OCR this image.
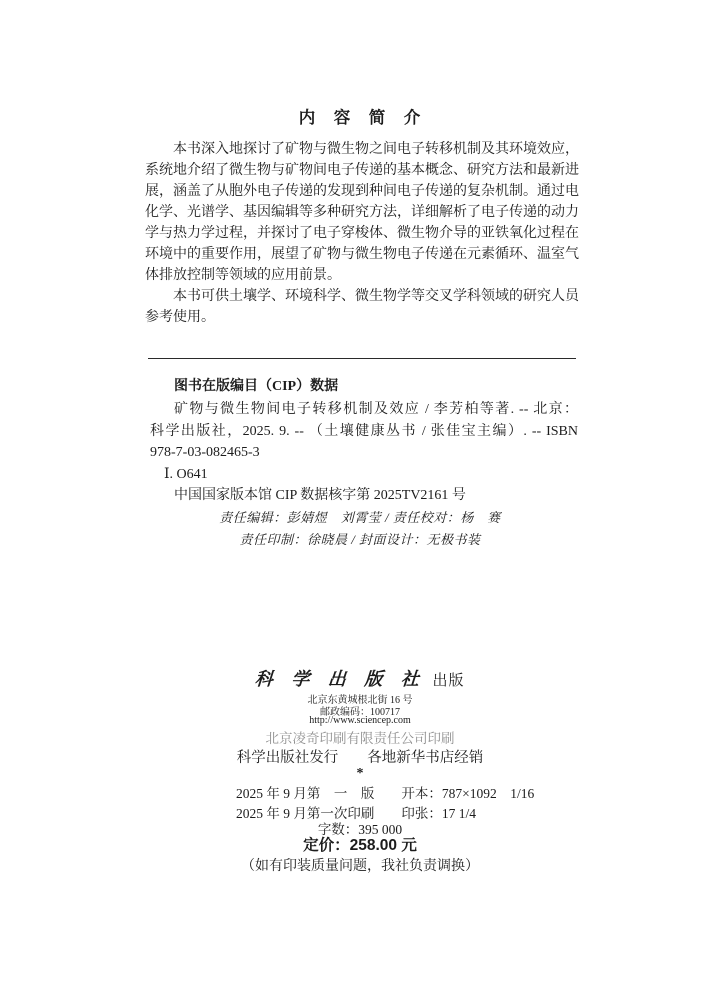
内　容　简　介

本书深入地探讨了矿物与微生物之间电子转移机制及其环境效应，系统地介绍了微生物与矿物间电子传递的基本概念、研究方法和最新进展，涵盖了从胞外电子传递的发现到种间电子传递的复杂机制。通过电化学、光谱学、基因编辑等多种研究方法，详细解析了电子传递的动力学与热力学过程，并探讨了电子穿梭体、微生物介导的亚铁氧化过程在环境中的重要作用，展望了矿物与微生物电子传递在元素循环、温室气体排放控制等领域的应用前景。

本书可供土壤学、环境科学、微生物学等交叉学科领域的研究人员参考使用。

图书在版编目（CIP）数据
矿物与微生物间电子转移机制及效应 / 李芳柏等著. -- 北京：
科学出版社，2025. 9. -- （土壤健康丛书 / 张佳宝主编）. -- ISBN
978-7-03-082465-3
Ⅰ. O641
中国国家版本馆 CIP 数据核字第 2025TV2161 号
责任编辑：彭婧煜　刘霄莹 / 责任校对：杨　赛
责任印制：徐晓晨 / 封面设计：无极书装
科 学 出 版 社 出版
北京东黄城根北街 16 号
邮政编码：100717
http://www.sciencep.com
北京凌奇印刷有限责任公司印刷
科学出版社发行　　各地新华书店经销
*
2025 年 9 月第　一　版　　开本：787×1092　1/16
2025 年 9 月第一次印刷　　印张：17 1/4
字数：395 000
定价：258.00 元
（如有印装质量问题，我社负责调换）
